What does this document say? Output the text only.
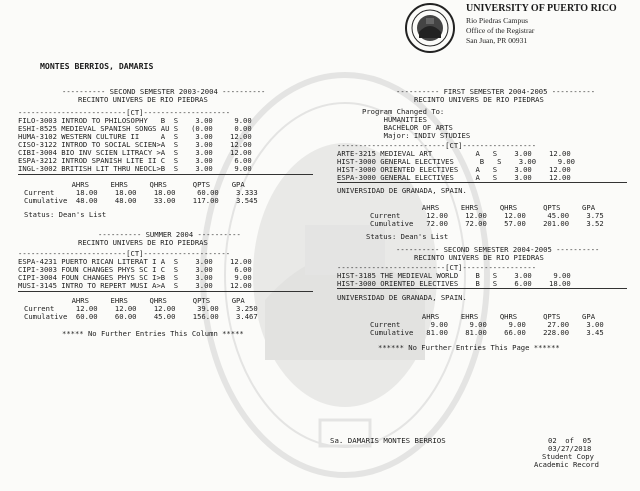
UNIVERSITY OF PUERTO RICO
Rio Piedras Campus
Office of the Registrar
San Juan, PR 00931
MONTES BERRIOS, DAMARIS
---------- SECOND SEMESTER 2003-2004 ----------
RECINTO UNIVERS DE RIO PIEDRAS
-------------------------[CT]--------------------
FILO-3003 INTROD TO PHILOSOPHY   B  S    3.00     9.00
ESHI-8525 MEDIEVAL SPANISH SONGS AU S   (0.00     0.00
HUMA-3102 WESTERN CULTURE II     A  S    3.00    12.00
CISO-3122 INTROD TO SOCIAL SCIEN>A  S    3.00    12.00
CIBI-3004 BIO INV SCIEN LITRACY >A  S    3.00    12.00
ESPA-3212 INTROD SPANISH LITE II C  S    3.00     6.00
INGL-3002 BRITISH LIT THRU NEOCL>B  S    3.00     9.00
AHRS     EHRS     QHRS      QPTS     GPA
Current     18.00    18.00    18.00     60.00    3.333
Cumulative  48.00    48.00    33.00    117.00    3.545
Status: Dean's List
---------- SUMMER 2004 ----------
RECINTO UNIVERS DE RIO PIEDRAS
-------------------------[CT]--------------------
ESPA-4231 PUERTO RICAN LITERAT I A  S    3.00    12.00
CIPI-3003 FOUN CHANGES PHYS SC I C  S    3.00     6.00
CIPI-3004 FOUN CHANGES PHYS SC I>B  S    3.00     9.00
MUSI-3145 INTRO TO REPERT MUSI A>A  S    3.00    12.00
AHRS     EHRS     QHRS      QPTS     GPA
Current     12.00    12.00    12.00     39.00    3.250
Cumulative  60.00    60.00    45.00    156.00    3.467
***** No Further Entries This Column *****
---------- FIRST SEMESTER 2004-2005 ----------
RECINTO UNIVERS DE RIO PIEDRAS
Program Changed To:
HUMANITIES
BACHELOR OF ARTS
Major: INDIV STUDIES
-------------------------[CT]-----------------
ARTE-3215 MEDIEVAL ART          A   S    3.00    12.00
HIST-3000 GENERAL ELECTIVES      B   S    3.00     9.00
HIST-3000 ORIENTED ELECTIVES    A   S    3.00    12.00
ESPA-3000 GENERAL ELECTIVES     A   S    3.00    12.00
UNIVERSIDAD DE GRANADA, SPAIN.
AHRS     EHRS     QHRS      QPTS     GPA
Current      12.00    12.00    12.00     45.00    3.75
Cumulative   72.00    72.00    57.00    201.00    3.52
Status: Dean's List
---------- SECOND SEMESTER 2004-2005 ----------
RECINTO UNIVERS DE RIO PIEDRAS
-------------------------[CT]-----------------
HIST-3185 THE MEDIEVAL WORLD    B   S    3.00     9.00
HIST-3000 ORIENTED ELECTIVES    B   S    6.00    18.00
UNIVERSIDAD DE GRANADA, SPAIN.
AHRS     EHRS     QHRS      QPTS     GPA
Current       9.00     9.00     9.00     27.00    3.00
Cumulative   81.00    81.00    66.00    228.00    3.45
****** No Further Entries This Page ******
Sa. DAMARIS MONTES BERRIOS	02  of  05
03/27/2018
Student Copy
Academic Record
